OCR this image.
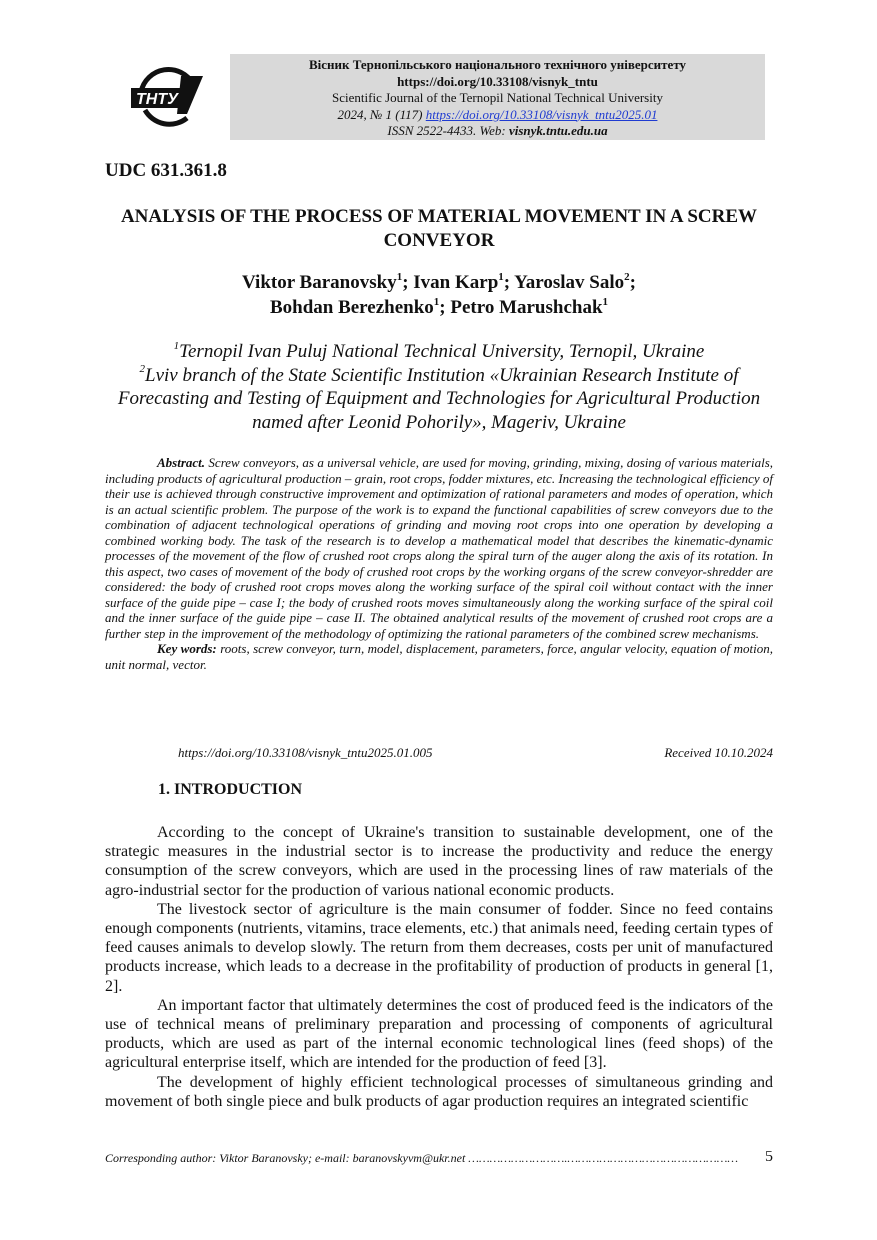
ТНТУ
Вісник Тернопільського національного технічного університету
https://doi.org/10.33108/visnyk_tntu
Scientific Journal of the Ternopil National Technical University
2024, № 1 (117) https://doi.org/10.33108/visnyk_tntu2025.01
ISSN 2522-4433. Web: visnyk.tntu.edu.ua
UDC 631.361.8
ANALYSIS OF THE PROCESS OF MATERIAL MOVEMENT IN A SCREW CONVEYOR
Viktor Baranovsky$^1$; Ivan Karp$^1$; Yaroslav Salo$^2$;
Bohdan Berezhenko$^1$; Petro Marushchak$^1$
$^1$Ternopil Ivan Puluj National Technical University, Ternopil, Ukraine
$^2$Lviv branch of the State Scientific Institution «Ukrainian Research Institute of Forecasting and Testing of Equipment and Technologies for Agricultural Production named after Leonid Pohorily», Mageriv, Ukraine

Abstract. Screw conveyors, as a universal vehicle, are used for moving, grinding, mixing, dosing of various materials, including products of agricultural production – grain, root crops, fodder mixtures, etc. Increasing the technological efficiency of their use is achieved through constructive improvement and optimization of rational parameters and modes of operation, which is an actual scientific problem. The purpose of the work is to expand the functional capabilities of screw conveyors due to the combination of adjacent technological operations of grinding and moving root crops into one operation by developing a combined working body. The task of the research is to develop a mathematical model that describes the kinematic-dynamic processes of the movement of the flow of crushed root crops along the spiral turn of the auger along the axis of its rotation. In this aspect, two cases of movement of the body of crushed root crops by the working organs of the screw conveyor-shredder are considered: the body of crushed root crops moves along the working surface of the spiral coil without contact with the inner surface of the guide pipe – case I; the body of crushed roots moves simultaneously along the working surface of the spiral coil and the inner surface of the guide pipe – case II. The obtained analytical results of the movement of crushed root crops are a further step in the improvement of the methodology of optimizing the rational parameters of the combined screw mechanisms.

Key words: roots, screw conveyor, turn, model, displacement, parameters, force, angular velocity, equation of motion, unit normal, vector.

https://doi.org/10.33108/visnyk_tntu2025.01.005	Received 10.10.2024
1. INTRODUCTION

According to the concept of Ukraine's transition to sustainable development, one of the strategic measures in the industrial sector is to increase the productivity and reduce the energy consumption of the screw conveyors, which are used in the processing lines of raw materials of the agro-industrial sector for the production of various national economic products.

The livestock sector of agriculture is the main consumer of fodder. Since no feed contains enough components (nutrients, vitamins, trace elements, etc.) that animals need, feeding certain types of feed causes animals to develop slowly. The return from them decreases, costs per unit of manufactured products increase, which leads to a decrease in the profitability of production of products in general [1, 2].

An important factor that ultimately determines the cost of produced feed is the indicators of the use of technical means of preliminary preparation and processing of components of agricultural products, which are used as part of the internal economic technological lines (feed shops) of the agricultural enterprise itself, which are intended for the production of feed [3].

The development of highly efficient technological processes of simultaneous grinding and movement of both single piece and bulk products of agar production requires an integrated scientific

Corresponding author: Viktor Baranovsky; e-mail: baranovskyvm@ukr.net ……………………….………………………………………… 5
